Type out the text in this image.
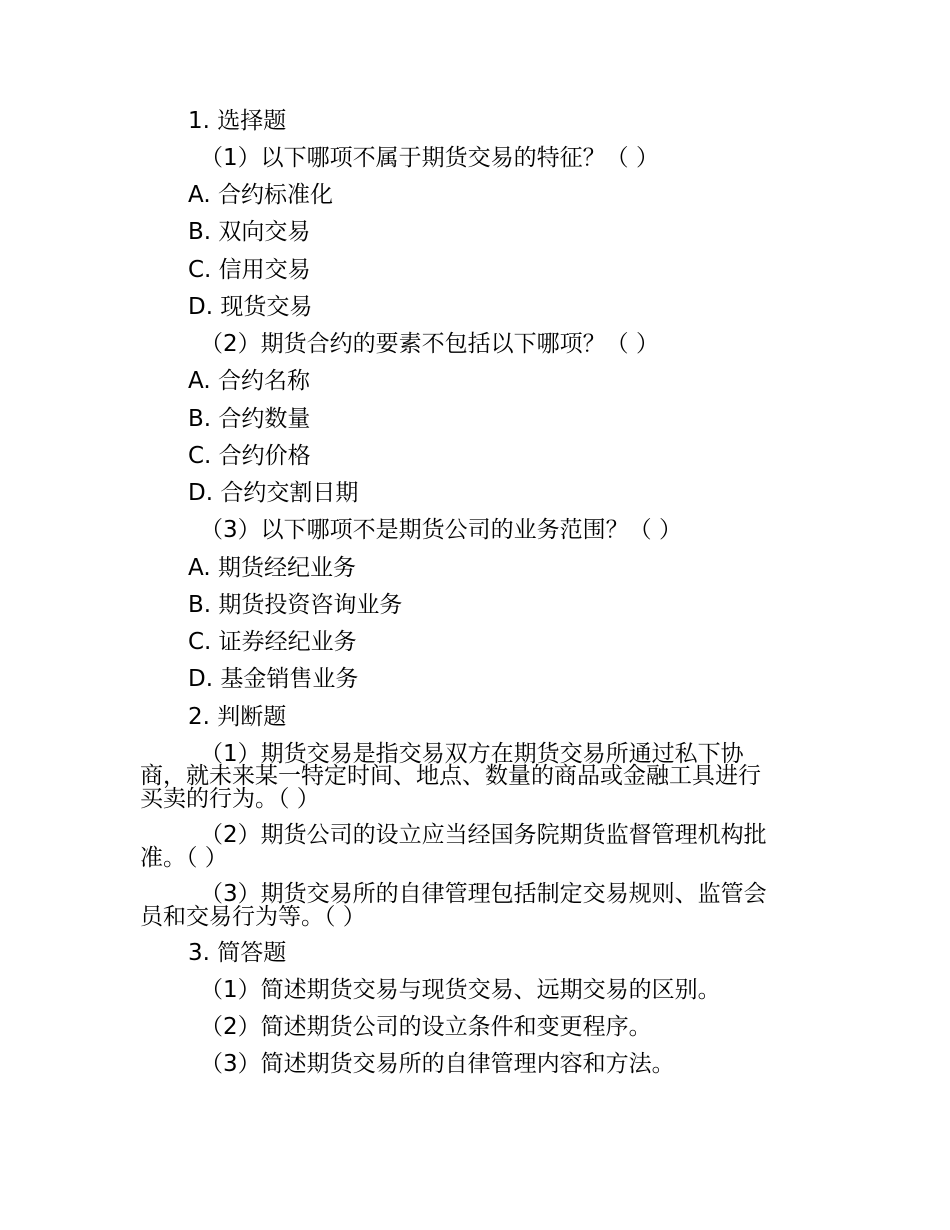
1. 选择题
（1）以下哪项不属于期货交易的特征？（ ）
A. 合约标准化
B. 双向交易
C. 信用交易
D. 现货交易
（2）期货合约的要素不包括以下哪项？（ ）
A. 合约名称
B. 合约数量
C. 合约价格
D. 合约交割日期
（3）以下哪项不是期货公司的业务范围？（ ）
A. 期货经纪业务
B. 期货投资咨询业务
C. 证券经纪业务
D. 基金销售业务
2. 判断题
（1）期货交易是指交易双方在期货交易所通过私下协
商，就未来某一特定时间、地点、数量的商品或金融工具进行
买卖的行为。（ ）
（2）期货公司的设立应当经国务院期货监督管理机构批
准。（ ）
（3）期货交易所的自律管理包括制定交易规则、监管会
员和交易行为等。（ ）
3. 简答题
（1）简述期货交易与现货交易、远期交易的区别。
（2）简述期货公司的设立条件和变更程序。
（3）简述期货交易所的自律管理内容和方法。
